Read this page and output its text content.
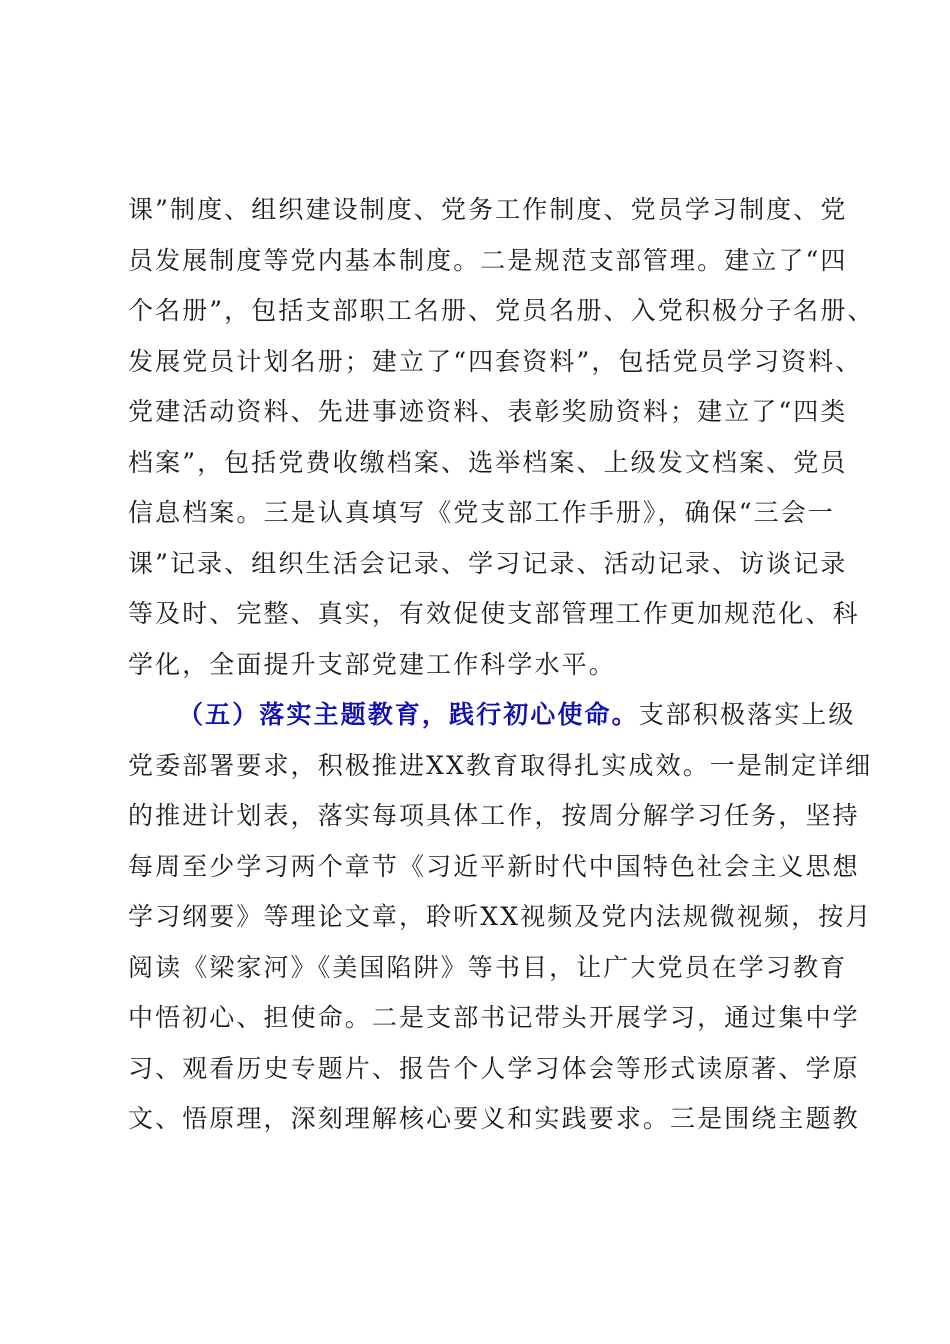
课”制度、组织建设制度、党务工作制度、党员学习制度、党
员发展制度等党内基本制度。二是规范支部管理。建立了“四
个名册”，包括支部职工名册、党员名册、入党积极分子名册、
发展党员计划名册；建立了“四套资料”，包括党员学习资料、
党建活动资料、先进事迹资料、表彰奖励资料；建立了“四类
档案”，包括党费收缴档案、选举档案、上级发文档案、党员
信息档案。三是认真填写《党支部工作手册》，确保“三会一
课”记录、组织生活会记录、学习记录、活动记录、访谈记录
等及时、完整、真实，有效促使支部管理工作更加规范化、科
学化，全面提升支部党建工作科学水平。
（五）落实主题教育，践行初心使命。支部积极落实上级
党委部署要求，积极推进XX教育取得扎实成效。一是制定详细
的推进计划表，落实每项具体工作，按周分解学习任务，坚持
每周至少学习两个章节《习近平新时代中国特色社会主义思想
学习纲要》等理论文章，聆听XX视频及党内法规微视频，按月
阅读《梁家河》《美国陷阱》等书目，让广大党员在学习教育
中悟初心、担使命。二是支部书记带头开展学习，通过集中学
习、观看历史专题片、报告个人学习体会等形式读原著、学原
文、悟原理，深刻理解核心要义和实践要求。三是围绕主题教
